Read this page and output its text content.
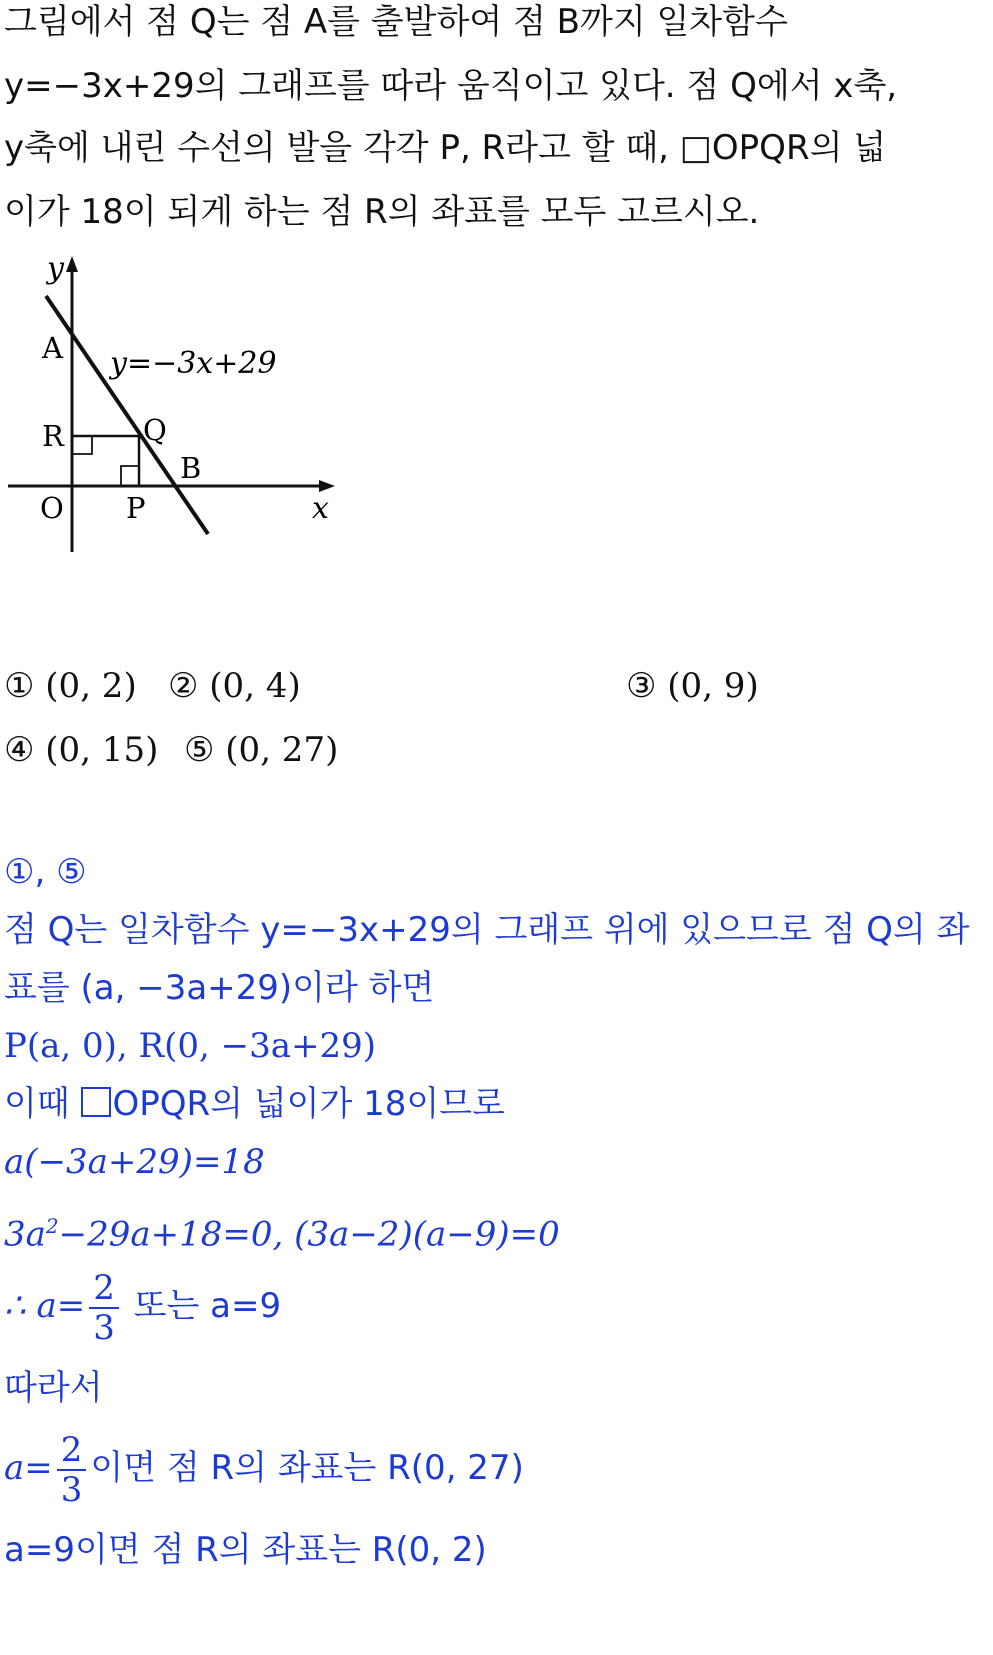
그림에서 점 Q는 점 A를 출발하여 점 B까지 일차함수
y=−3x+29의 그래프를 따라 움직이고 있다. 점 Q에서 x축,
y축에 내린 수선의 발을 각각 P, R라고 할 때, □OPQR의 넓
이가 18이 되게 하는 점 R의 좌표를 모두 고르시오.
y
x
A
R	Q
B
O P
y=−3x+29
① (0, 2) ② (0, 4)	③ (0, 9)
④ (0, 15) ⑤ (0, 27)
①, ⑤
점 Q는 일차함수 y=−3x+29의 그래프 위에 있으므로 점 Q의 좌
표를 (a, −3a+29)이라 하면
P(a, 0), R(0, −3a+29)
이때 OPQR의 넓이가 18이므로
a(−3a+29)=18
$3a^2-29a+18=0$, (3a−2)(a−9)=0
∴ $a= \frac{2}{3}$ 또는 a=9
따라서
$a= \frac{2}{3}$ 이면 점 R의 좌표는 R(0, 27)
a=9이면 점 R의 좌표는 R(0, 2)
